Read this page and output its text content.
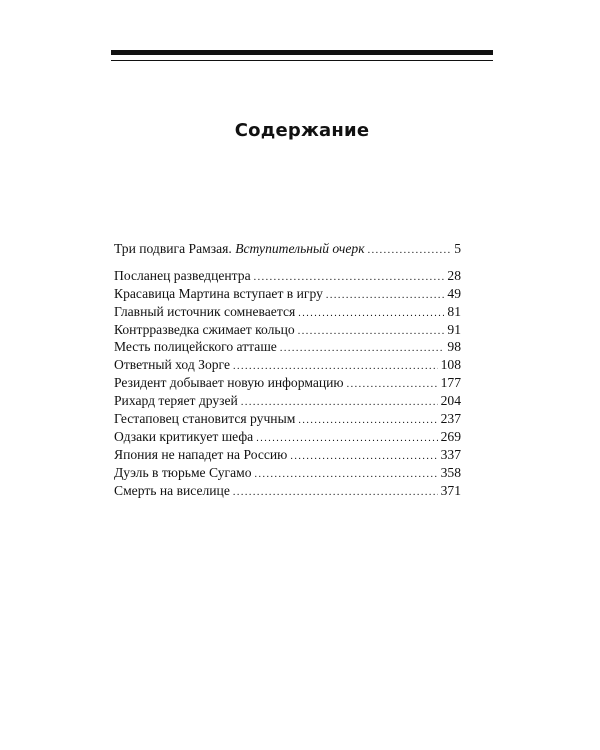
Содержание
Три подвига Рамзая. Вступительный очерк .....	5
Посланец разведцентра .....	28
Красавица Мартина вступает в игру .....	49
Главный источник сомневается .....	81
Контрразведка сжимает кольцо .....	91
Месть полицейского атташе .....	98
Ответный ход Зорге .....	108
Резидент добывает новую информацию .....	177
Рихард теряет друзей .....	204
Гестаповец становится ручным .....	237
Одзаки критикует шефа .....	269
Япония не нападет на Россию .....	337
Дуэль в тюрьме Сугамо .....	358
Смерть на виселице .....	371
